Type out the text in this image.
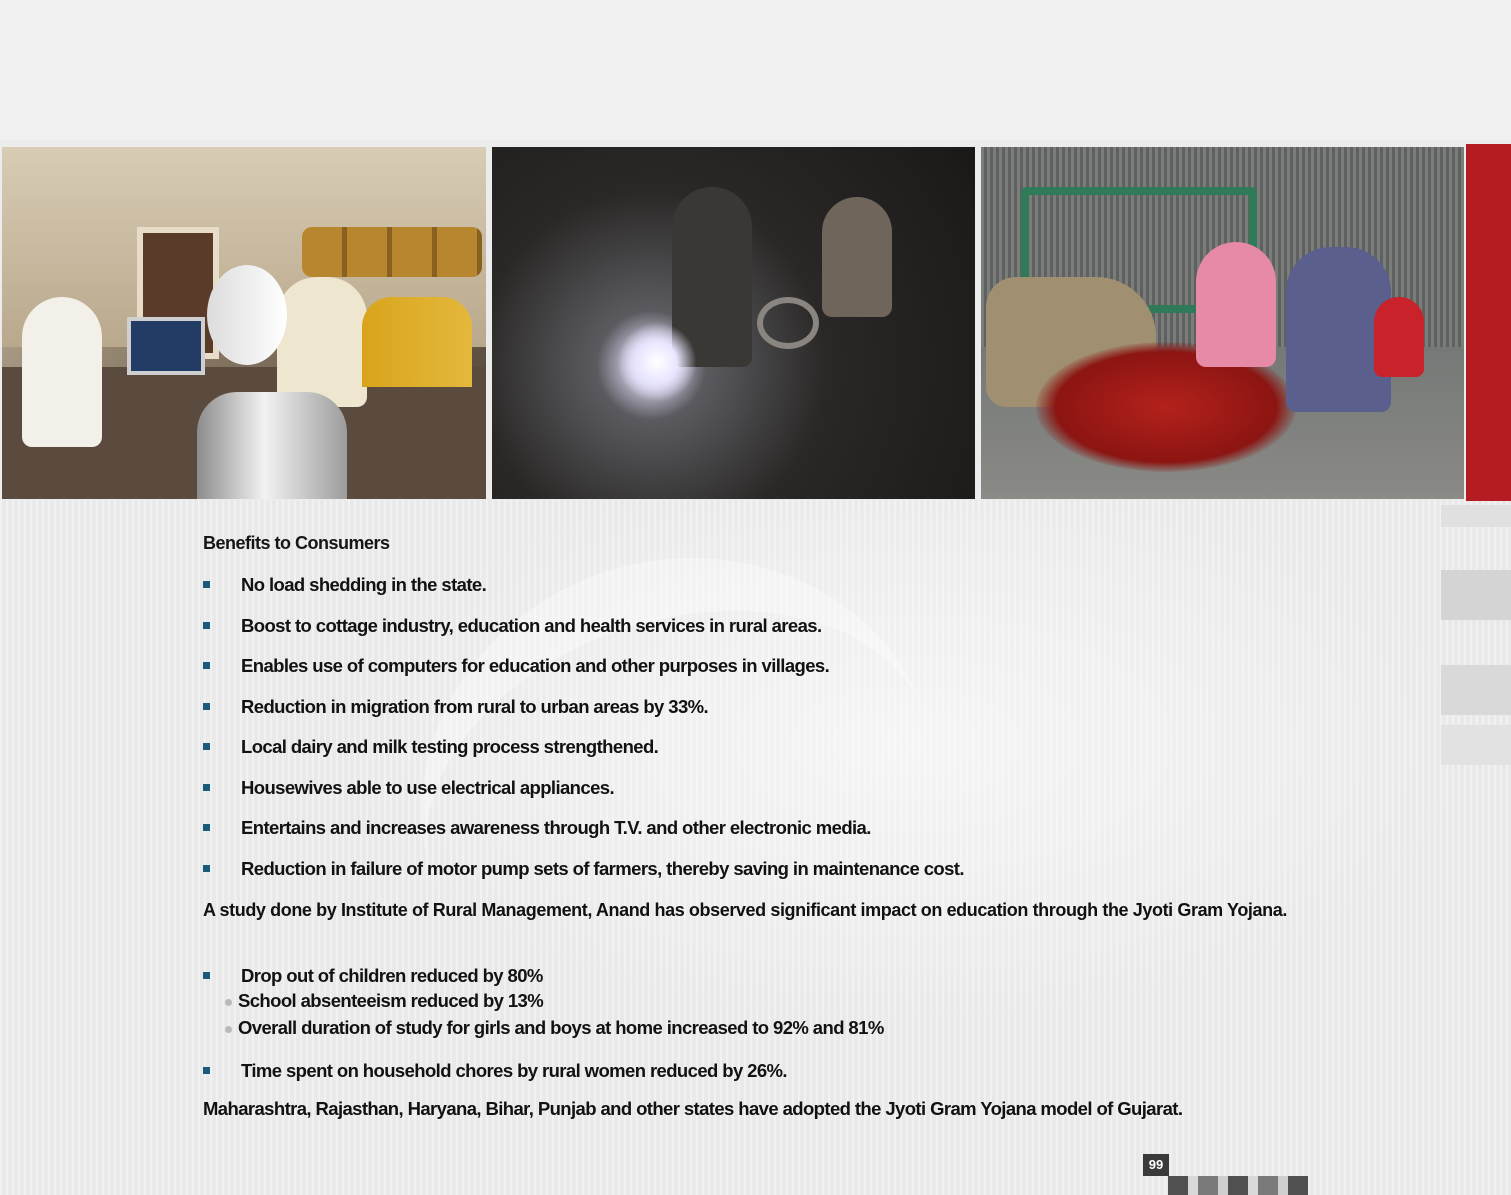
Benefits to Consumers
No load shedding in the state.
Boost to cottage industry, education and health services in rural areas.
Enables use of computers for education and other purposes in villages.
Reduction in migration from rural to urban areas by 33%.
Local dairy and milk testing process strengthened.
Housewives able to use electrical appliances.
Entertains and increases awareness through T.V. and other electronic media.
Reduction in failure of motor pump sets of farmers, thereby saving in maintenance cost.
A study done by Institute of Rural Management, Anand has observed significant impact on education through the Jyoti Gram Yojana.
Drop out of children reduced by 80%
School absenteeism reduced by 13%
Overall duration of study for girls and boys at home increased to 92% and 81%
Time spent on household chores by rural women reduced by 26%.
Maharashtra, Rajasthan, Haryana, Bihar, Punjab and other states have adopted the Jyoti Gram Yojana model of Gujarat.
99
